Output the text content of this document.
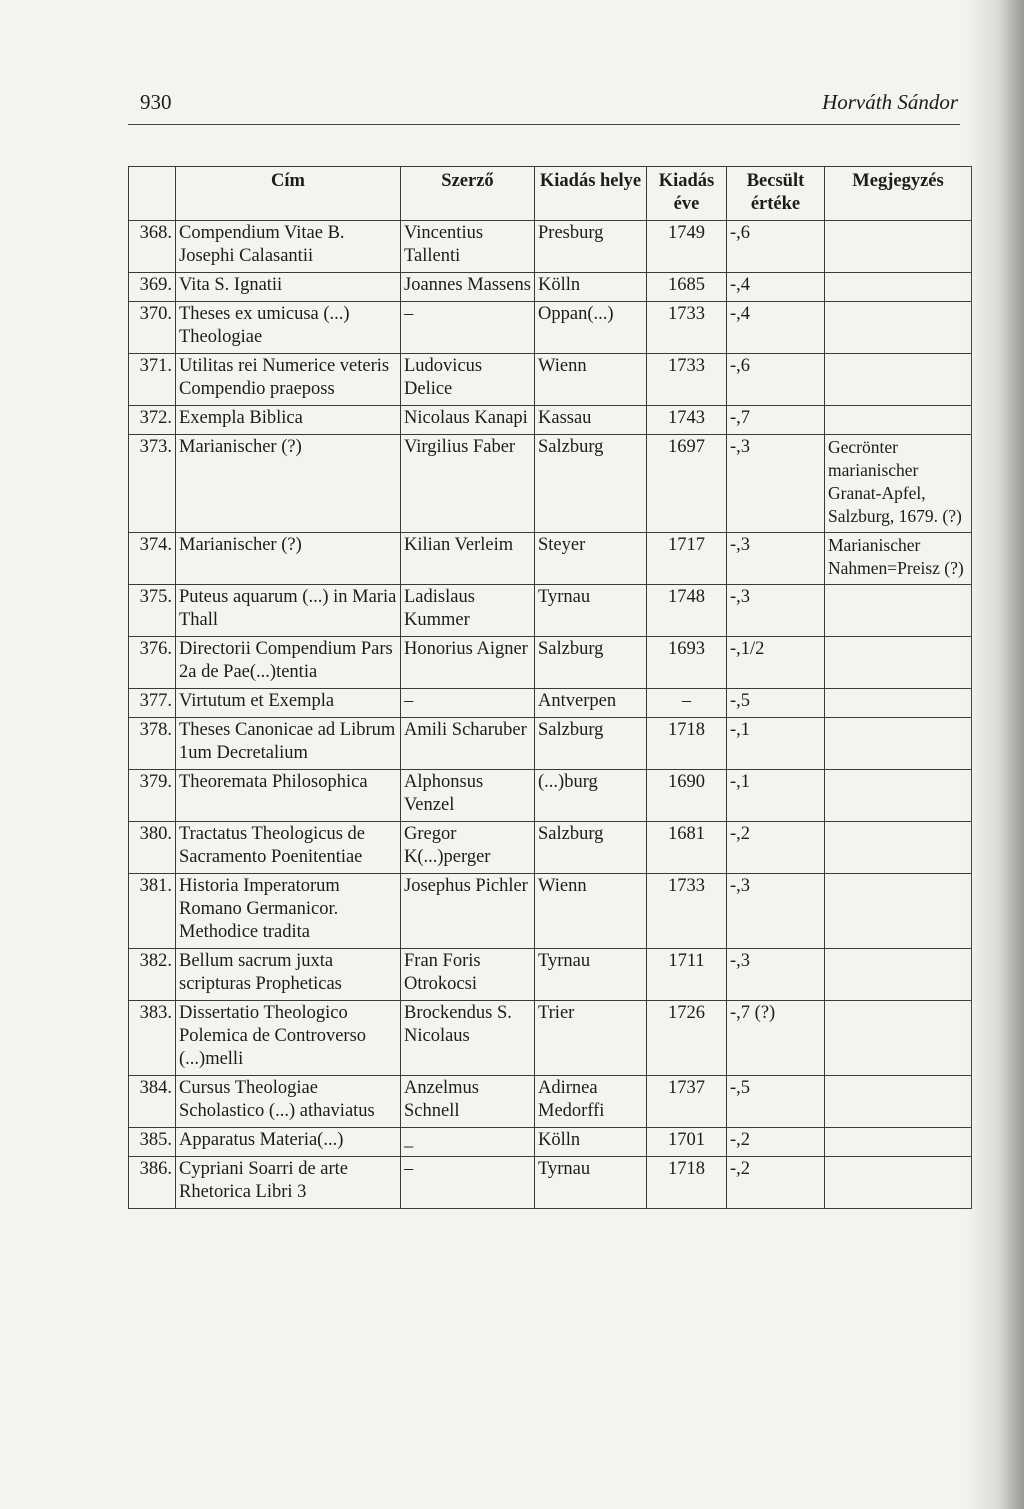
930	Horváth Sándor
	Cím	Szerző	Kiadás helye	Kiadás éve	Becsült értéke	Megjegyzés
368.	Compendium Vitae B. Josephi Calasantii	Vincentius Tallenti	Presburg	1749	-,6	
369.	Vita S. Ignatii	Joannes Massens	Kölln	1685	-,4	
370.	Theses ex umicusa (...) Theologiae	–	Oppan(...)	1733	-,4	
371.	Utilitas rei Numerice veteris Compendio praeposs	Ludovicus Delice	Wienn	1733	-,6	
372.	Exempla Biblica	Nicolaus Kanapi	Kassau	1743	-,7	
373.	Marianischer (?)	Virgilius Faber	Salzburg	1697	-,3	Gecrönter marianischer Granat-Apfel, Salzburg, 1679. (?)
374.	Marianischer (?)	Kilian Verleim	Steyer	1717	-,3	Marianischer Nahmen=Preisz (?)
375.	Puteus aquarum (...) in Maria Thall	Ladislaus Kummer	Tyrnau	1748	-,3	
376.	Directorii Compendium Pars 2a de Pae(...)tentia	Honorius Aigner	Salzburg	1693	-,1/2	
377.	Virtutum et Exempla	–	Antverpen	–	-,5	
378.	Theses Canonicae ad Librum 1um Decretalium	Amili Scharuber	Salzburg	1718	-,1	
379.	Theoremata Philosophica	Alphonsus Venzel	(...)burg	1690	-,1	
380.	Tractatus Theologicus de Sacramento Poenitentiae	Gregor K(...)perger	Salzburg	1681	-,2	
381.	Historia Imperatorum Romano Germanicor. Methodice tradita	Josephus Pichler	Wienn	1733	-,3	
382.	Bellum sacrum juxta scripturas Propheticas	Fran Foris Otrokocsi	Tyrnau	1711	-,3	
383.	Dissertatio Theologico Polemica de Controverso (...)melli	Brockendus S. Nicolaus	Trier	1726	-,7 (?)	
384.	Cursus Theologiae Scholastico (...) athaviatus	Anzelmus Schnell	Adirnea Medorffi	1737	-,5	
385.	Apparatus Materia(...)	_	Kölln	1701	-,2	
386.	Cypriani Soarri de arte Rhetorica Libri 3	–	Tyrnau	1718	-,2	
